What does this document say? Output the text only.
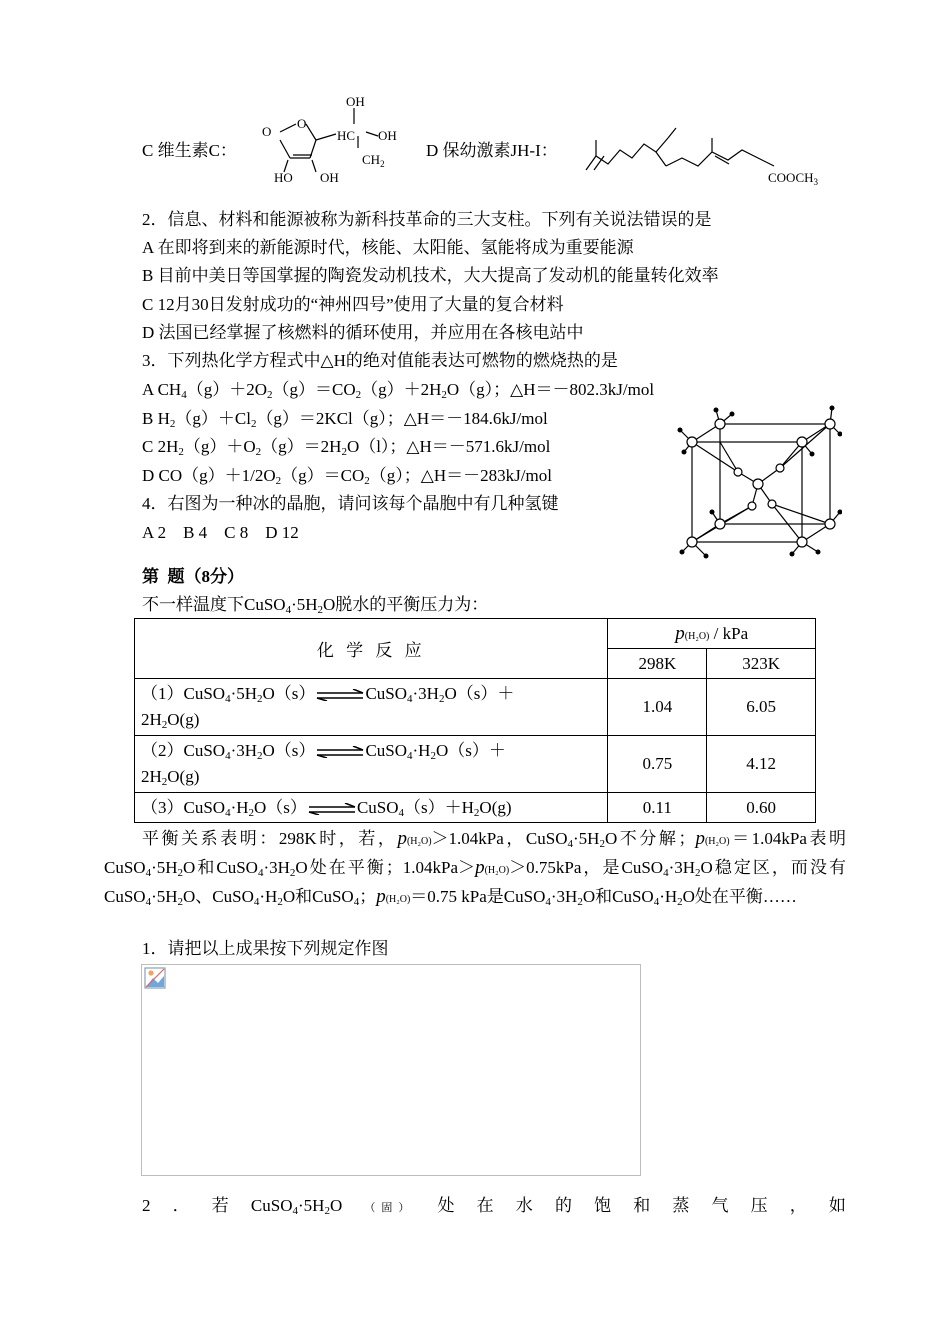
C 维生素C：
OH
O
O
HC OH
$CH_2$
HO OH
D 保幼激素JH-I：
$COOCH_3$
2．信息、材料和能源被称为新科技革命的三大支柱。下列有关说法错误的是
A 在即将到来的新能源时代，核能、太阳能、氢能将成为重要能源
B 目前中美日等国掌握的陶瓷发动机技术，大大提高了发动机的能量转化效率
C 12月30日发射成功的“神州四号”使用了大量的复合材料
D 法国已经掌握了核燃料的循环使用，并应用在各核电站中
3．下列热化学方程式中△H的绝对值能表达可燃物的燃烧热的是
A $CH_4(g)+2O_2(g)=CO_2(g)+2H_2O(g)$；△H＝－802.3kJ/mol
B $H_2(g)+Cl_2(g)=2KCl(g)$；△H＝－184.6kJ/mol
C $2H_2(g)+O_2(g)=2H_2O(l)$；△H＝－571.6kJ/mol
D $CO(g)+1/2O_2(g)=CO_2(g)$；△H＝－283kJ/mol
4．右图为一种冰的晶胞，请问该每个晶胞中有几种氢键
A 2    B 4    C 8    D 12
第  题（8分）
不一样温度下$CuSO_4\cdot 5H_2O$脱水的平衡压力为：
化 学 反 应	p(H₂O) / kPa	
	298K	323K
$(1)CuSO_4\cdot 5H_2O(s)\rightleftharpoons CuSO_4\cdot 3H_2O(s)+$
$2H_2O(g)$	1.04	6.05
$(2)CuSO_4\cdot 3H_2O(s)\rightleftharpoons CuSO_4\cdot H_2O(s)+$
$2H_2O(g)$	0.75	4.12
$(3)CuSO_4\cdot H_2O(s)\rightleftharpoons CuSO_4(s)+H_2O(g)$	0.11	0.60
平衡关系表明：298K时，若，p(H₂O)＞1.04kPa，$CuSO_4\cdot 5H_2O$不分解；p(H₂O)＝1.04kPa表明$CuSO_4\cdot 5H_2O$和$CuSO_4\cdot 3H_2O$处在平衡；1.04kPa＞p(H₂O)＞0.75kPa，是$CuSO_4\cdot 3H_2O$稳定区，而没有$CuSO_4\cdot 5H_2O$、$CuSO_4\cdot H_2O$和CuSO$_4$；p(H₂O)＝0.75 kPa是$CuSO_4\cdot 3H_2O$和$CuSO_4\cdot H_2O$处在平衡……
1．请把以上成果按下列规定作图
2 ． 若 $CuSO_4\cdot 5H_2O$ （固） 处 在 水 的 饱 和 蒸 气 压 ， 如
